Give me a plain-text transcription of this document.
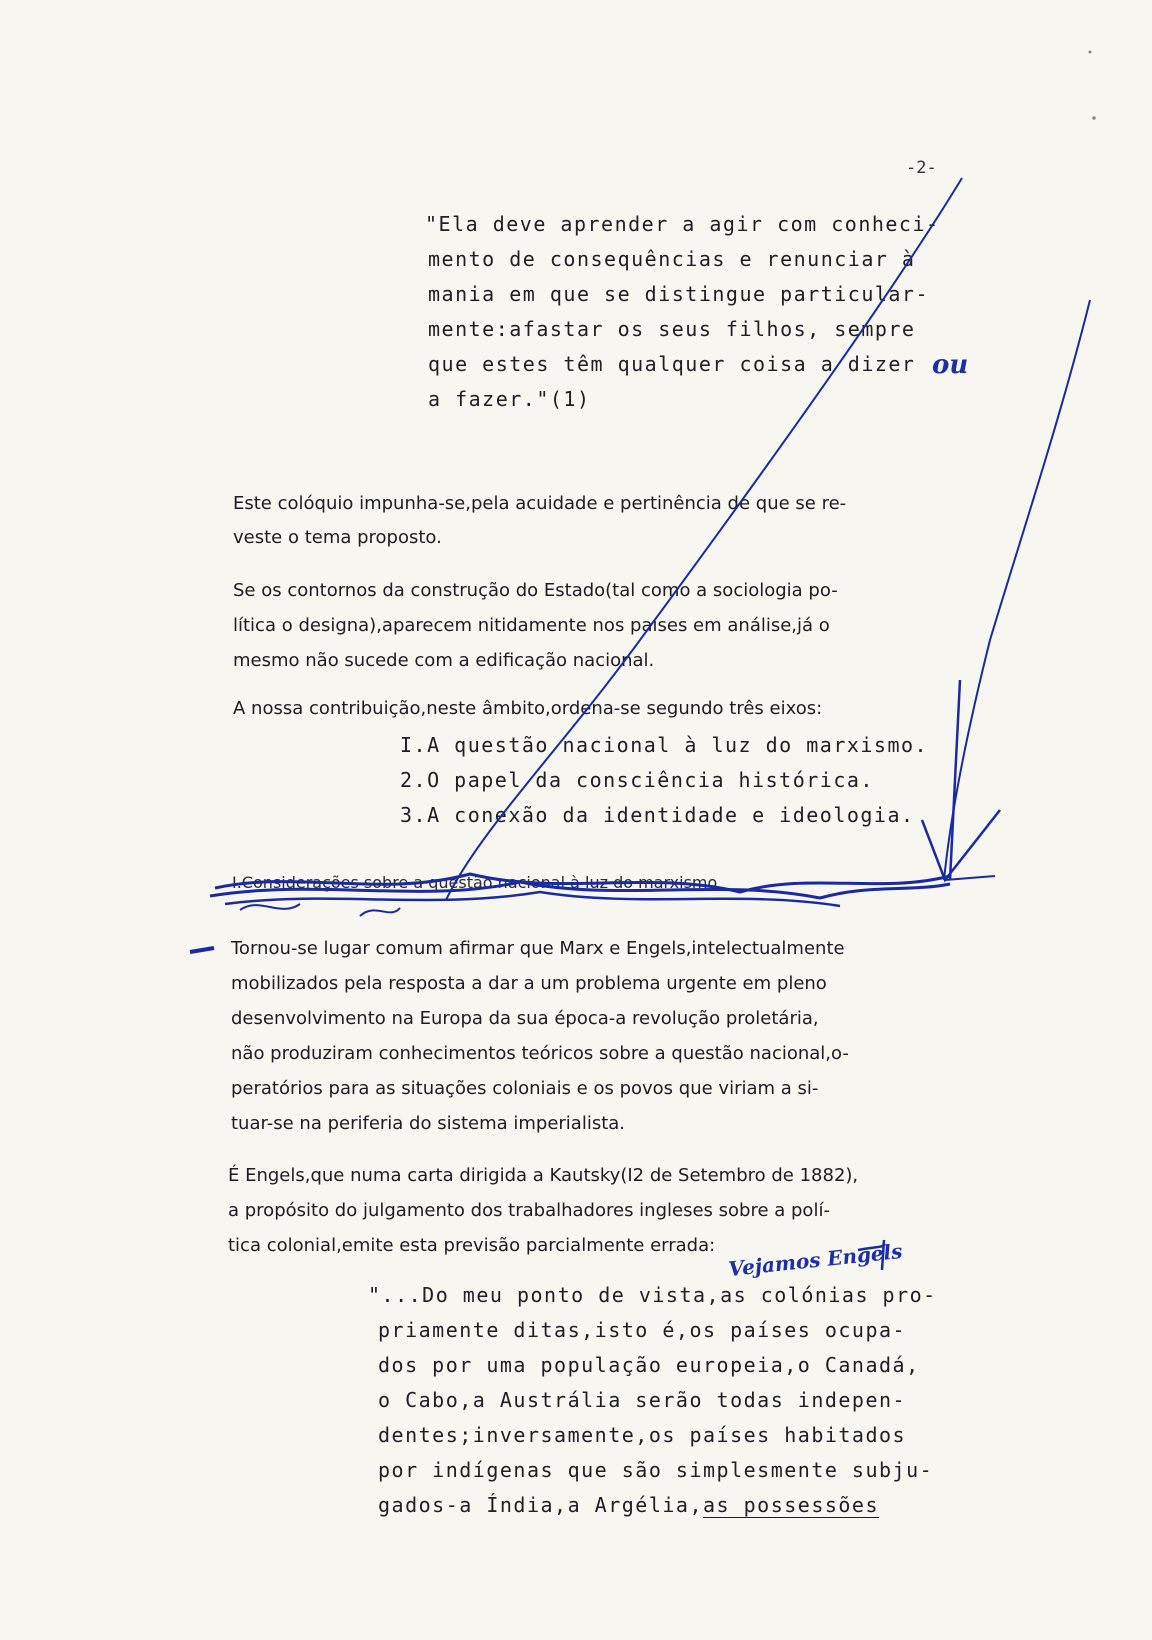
-2-
"Ela deve aprender a agir com conheci-
mento de consequências e renunciar à
mania em que se distingue particular-
mente:afastar os seus filhos, sempre
que estes têm qualquer coisa a dizer
a fazer."(1)
ou
Este colóquio impunha-se,pela acuidade e pertinência de que se re-
veste o tema proposto.
Se os contornos da construção do Estado(tal como a sociologia po-
lítica o designa),aparecem nitidamente nos países em análise,já o
mesmo não sucede com a edificação nacional.
A nossa contribuição,neste âmbito,ordena-se segundo três eixos:
I.A questão nacional à luz do marxismo.
2.O papel da consciência histórica.
3.A conexão da identidade e ideologia.
I.Considerações sobre a questão nacional à luz do marxismo
Tornou-se lugar comum afirmar que Marx e Engels,intelectualmente
mobilizados pela resposta a dar a um problema urgente em pleno
desenvolvimento na Europa da sua época-a revolução proletária,
não produziram conhecimentos teóricos sobre a questão nacional,o-
peratórios para as situações coloniais e os povos que viriam a si-
tuar-se na periferia do sistema imperialista.
É Engels,que numa carta dirigida a Kautsky(I2 de Setembro de 1882),
a propósito do julgamento dos trabalhadores ingleses sobre a polí-
tica colonial,emite esta previsão parcialmente errada: Vejamos Engels
"...Do meu ponto de vista,as colónias pro-
priamente ditas,isto é,os países ocupa-
dos por uma população europeia,o Canadá,
o Cabo,a Austrália serão todas indepen-
dentes;inversamente,os países habitados
por indígenas que são simplesmente subju-
gados-a Índia,a Argélia,as possessões
